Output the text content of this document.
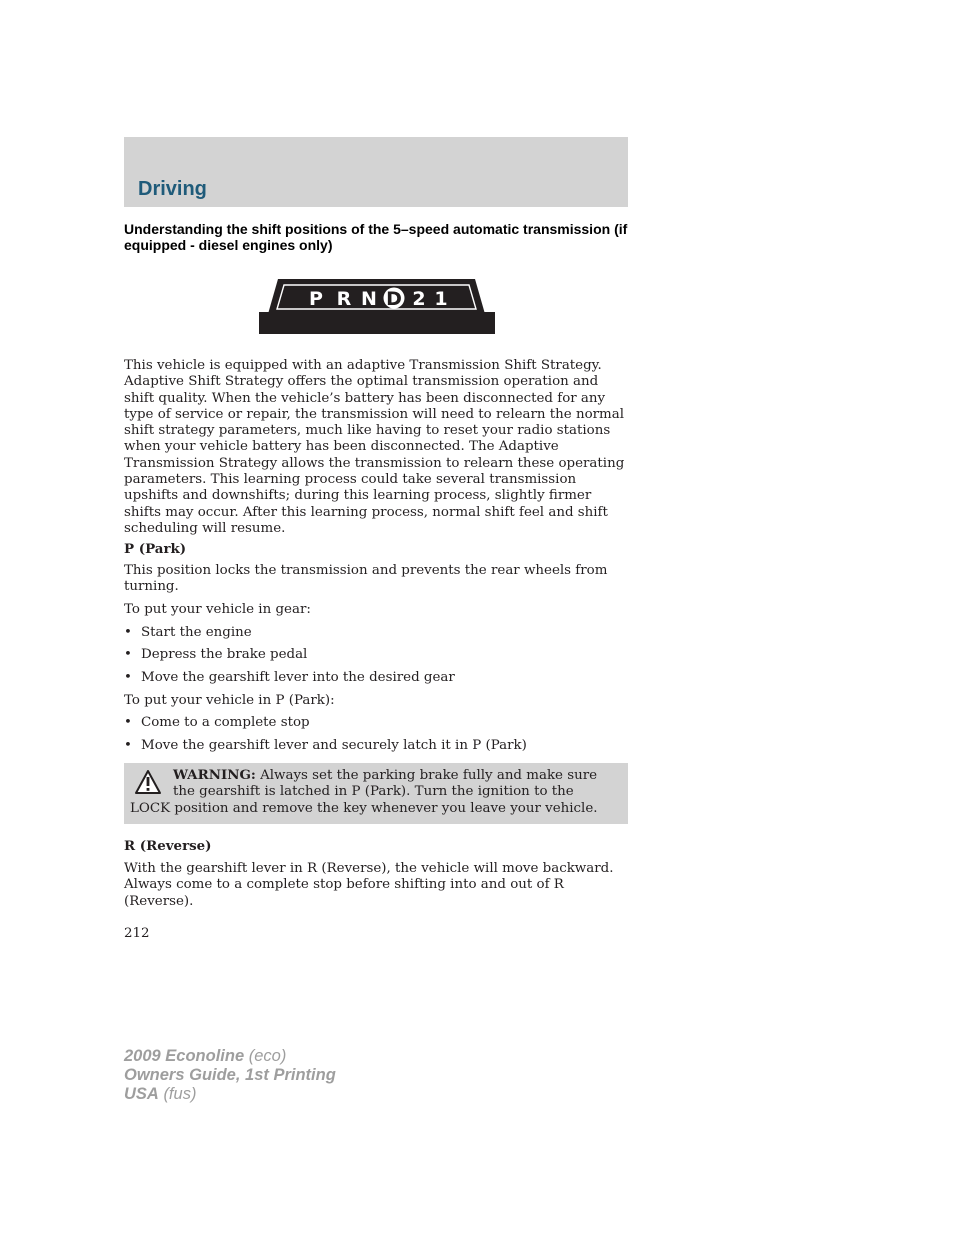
Driving
Understanding the shift positions of the 5–speed automatic transmission (if equipped - diesel engines only)
P R N D 2 1

This vehicle is equipped with an adaptive Transmission Shift Strategy. Adaptive Shift Strategy offers the optimal transmission operation and shift quality. When the vehicle’s battery has been disconnected for any type of service or repair, the transmission will need to relearn the normal shift strategy parameters, much like having to reset your radio stations when your vehicle battery has been disconnected. The Adaptive Transmission Strategy allows the transmission to relearn these operating parameters. This learning process could take several transmission upshifts and downshifts; during this learning process, slightly firmer shifts may occur. After this learning process, normal shift feel and shift scheduling will resume.

P (Park)
This position locks the transmission and prevents the rear wheels from turning.
To put your vehicle in gear:
• Start the engine
• Depress the brake pedal
• Move the gearshift lever into the desired gear
To put your vehicle in P (Park):
• Come to a complete stop
• Move the gearshift lever and securely latch it in P (Park)
WARNING: Always set the parking brake fully and make sure
the gearshift is latched in P (Park). Turn the ignition to the
LOCK position and remove the key whenever you leave your vehicle.
R (Reverse)
With the gearshift lever in R (Reverse), the vehicle will move backward. Always come to a complete stop before shifting into and out of R (Reverse).
212
2009 Econoline (eco)
Owners Guide, 1st Printing
USA (fus)
